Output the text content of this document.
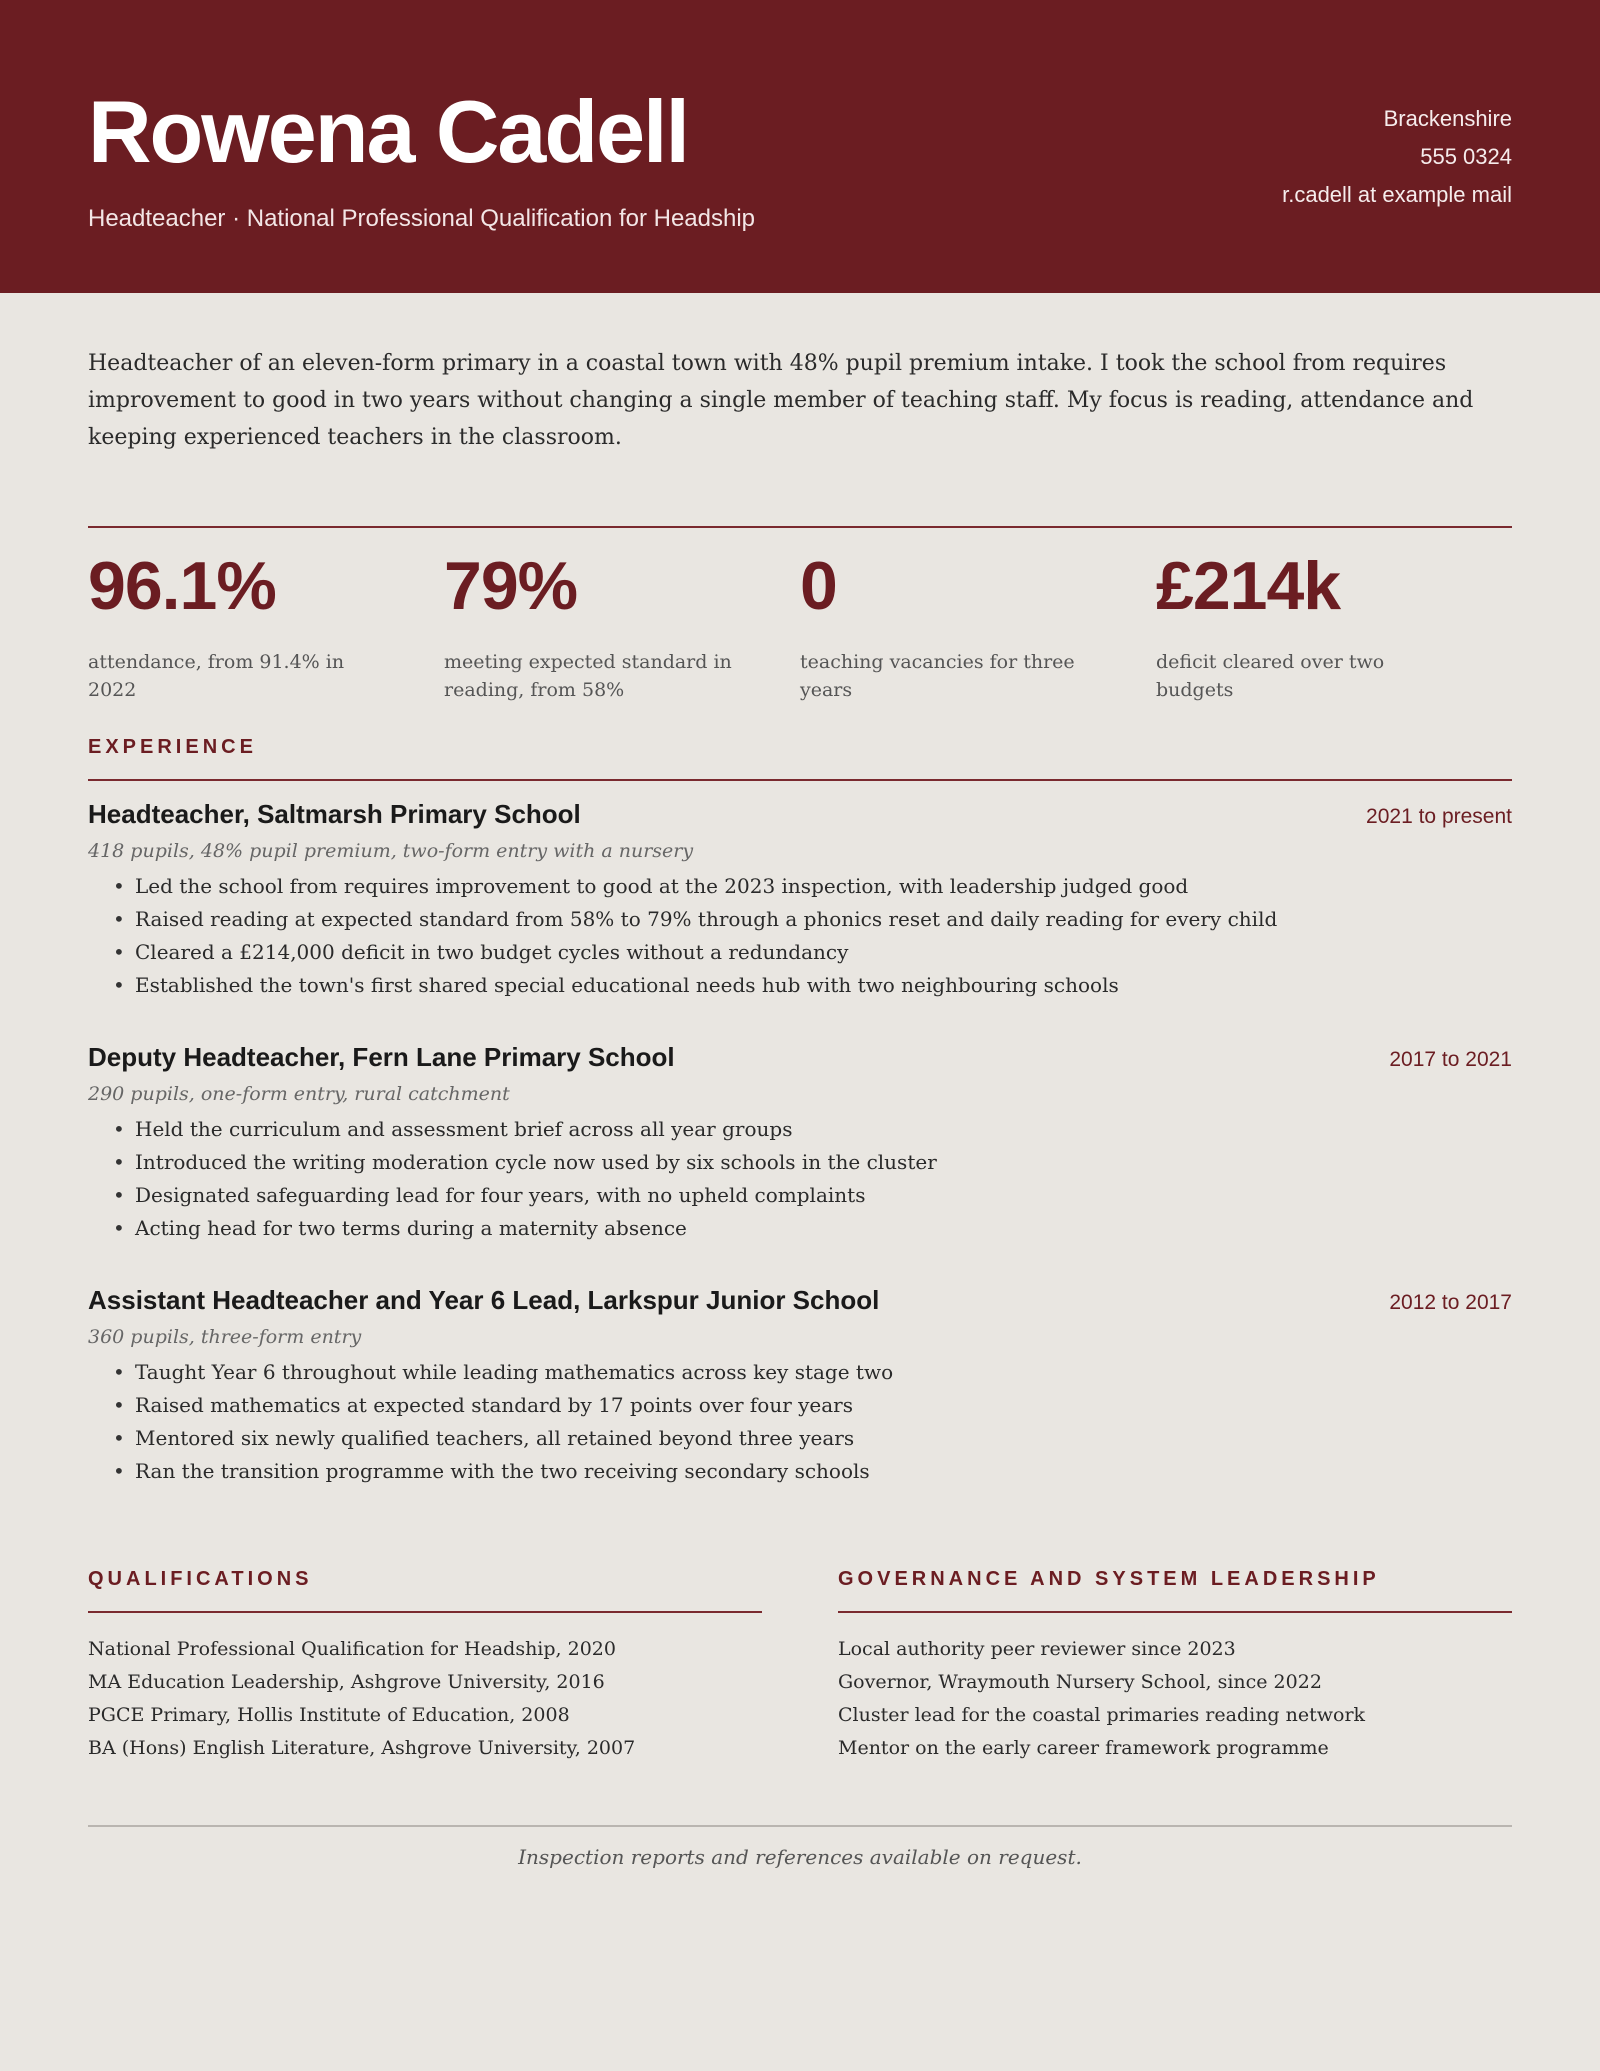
Rowena Cadell
Headteacher · National Professional Qualification for Headship
Brackenshire
555 0324
r.cadell at example mail

Headteacher of an eleven-form primary in a coastal town with 48% pupil premium intake. I took the school from requires improvement to good in two years without changing a single member of teaching staff. My focus is reading, attendance and keeping experienced teachers in the classroom.

96.1%
attendance, from 91.4% in 2022
79%
meeting expected standard in reading, from 58%
0
teaching vacancies for three years
£214k
deficit cleared over two budgets
EXPERIENCE
Headteacher, Saltmarsh Primary School	2021 to present
418 pupils, 48% pupil premium, two-form entry with a nursery
• Led the school from requires improvement to good at the 2023 inspection, with leadership judged good
• Raised reading at expected standard from 58% to 79% through a phonics reset and daily reading for every child
• Cleared a £214,000 deficit in two budget cycles without a redundancy
• Established the town's first shared special educational needs hub with two neighbouring schools
Deputy Headteacher, Fern Lane Primary School	2017 to 2021
290 pupils, one-form entry, rural catchment
• Held the curriculum and assessment brief across all year groups
• Introduced the writing moderation cycle now used by six schools in the cluster
• Designated safeguarding lead for four years, with no upheld complaints
• Acting head for two terms during a maternity absence
Assistant Headteacher and Year 6 Lead, Larkspur Junior School	2012 to 2017
360 pupils, three-form entry
• Taught Year 6 throughout while leading mathematics across key stage two
• Raised mathematics at expected standard by 17 points over four years
• Mentored six newly qualified teachers, all retained beyond three years
• Ran the transition programme with the two receiving secondary schools
QUALIFICATIONS
National Professional Qualification for Headship, 2020
MA Education Leadership, Ashgrove University, 2016
PGCE Primary, Hollis Institute of Education, 2008
BA (Hons) English Literature, Ashgrove University, 2007
GOVERNANCE AND SYSTEM LEADERSHIP
Local authority peer reviewer since 2023
Governor, Wraymouth Nursery School, since 2022
Cluster lead for the coastal primaries reading network
Mentor on the early career framework programme

Inspection reports and references available on request.
